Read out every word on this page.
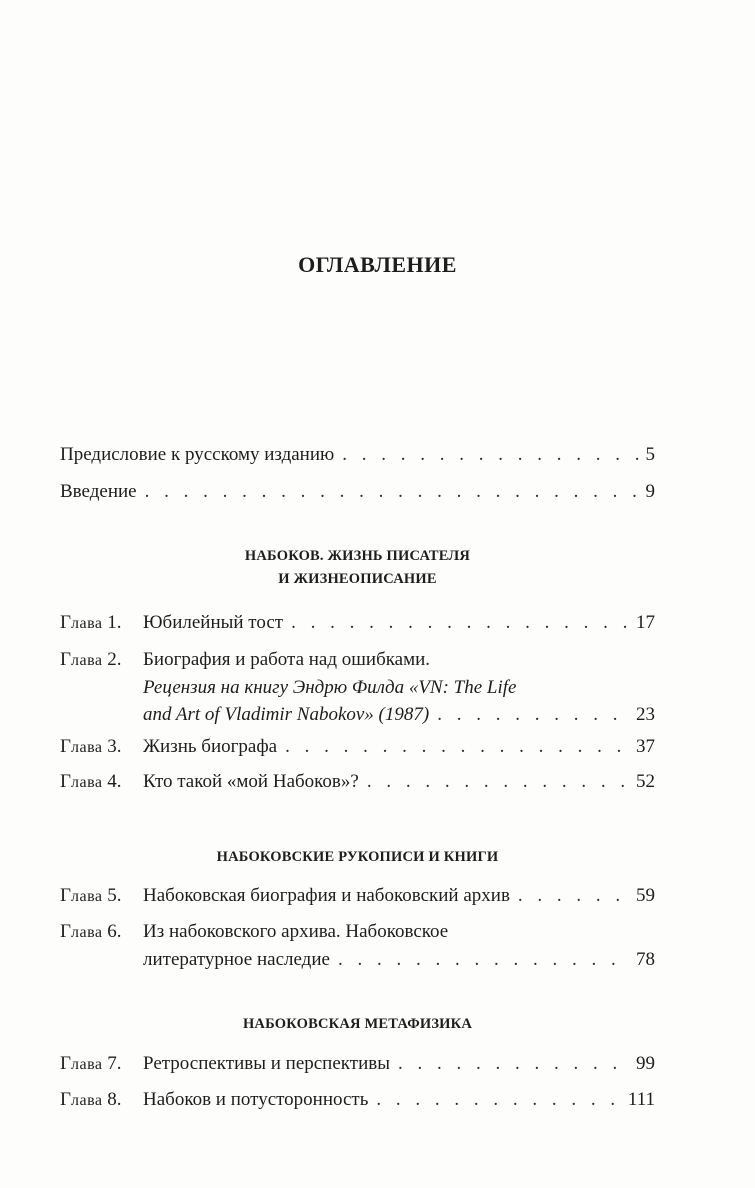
ОГЛАВЛЕНИЕ
Предисловие к русскому изданию . . .	5
Введение . . .	9
НАБОКОВ. ЖИЗНЬ ПИСАТЕЛЯ
И ЖИЗНЕОПИСАНИЕ
Глава 1.	Юбилейный тост . . .	17
Глава 2.	Биография и работа над ошибками.
Рецензия на книгу Эндрю Филда «VN: The Life
and Art of Vladimir Nabokov» (1987) . . .	23
Глава 3.	Жизнь биографа . . .	37
Глава 4.	Кто такой «мой Набоков»? . . .	52
НАБОКОВСКИЕ РУКОПИСИ И КНИГИ
Глава 5.	Набоковская биография и набоковский архив . . .	59
Глава 6.	Из набоковского архива. Набоковское
литературное наследие . . .	78
НАБОКОВСКАЯ МЕТАФИЗИКА
Глава 7.	Ретроспективы и перспективы . . .	99
Глава 8.	Набоков и потусторонность . . .	111
